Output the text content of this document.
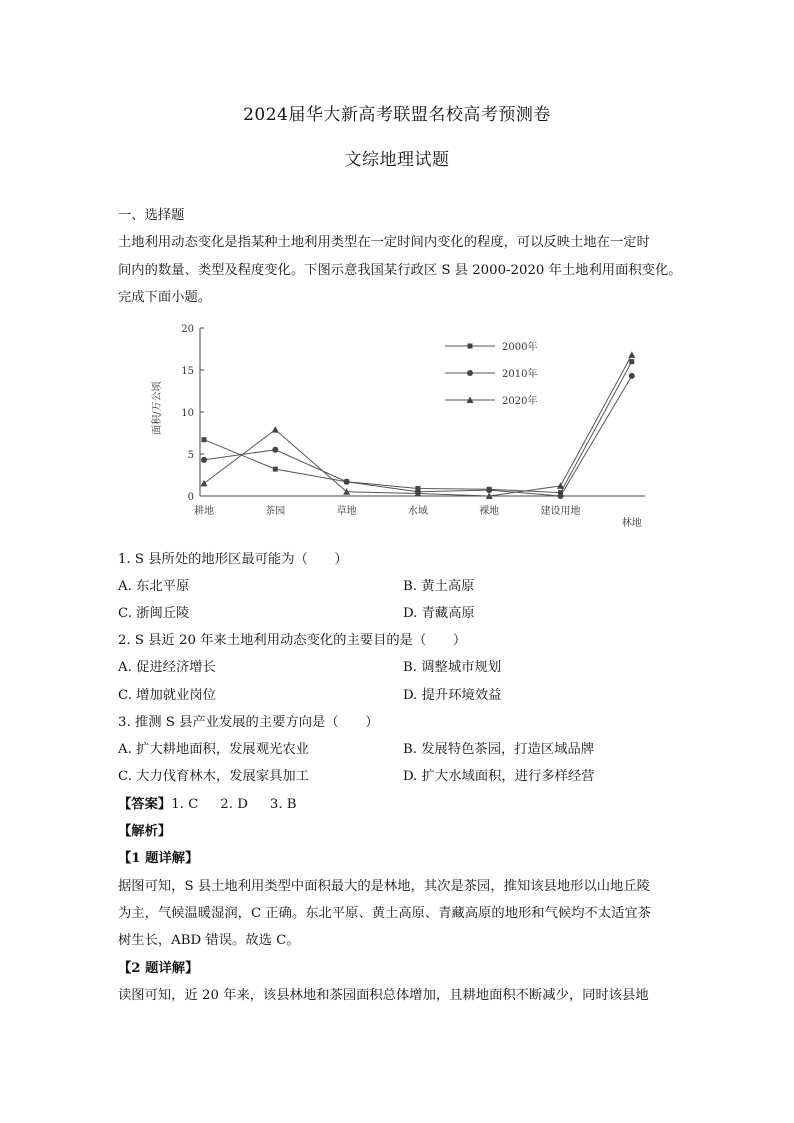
2024届华大新高考联盟名校高考预测卷
文综地理试题
一、选择题
土地利用动态变化是指某种土地利用类型在一定时间内变化的程度，可以反映土地在一定时
间内的数量、类型及程度变化。下图示意我国某行政区 S 县 2000-2020 年土地利用面积变化。
完成下面小题。
面积/万公顷
0
5
10
15
20
耕地	茶园	草地	水域	裸地	建设用地
林地
2000年
2010年
2020年
1. S 县所处的地形区最可能为（　　）
A. 东北平原	B. 黄土高原
C. 浙闽丘陵	D. 青藏高原
2. S 县近 20 年来土地利用动态变化的主要目的是（　　）
A. 促进经济增长	B. 调整城市规划
C. 增加就业岗位	D. 提升环境效益
3. 推测 S 县产业发展的主要方向是（　　）
A. 扩大耕地面积，发展观光农业	B. 发展特色茶园，打造区域品牌
C. 大力伐育林木，发展家具加工	D. 扩大水域面积，进行多样经营
【答案】1. C 2. D 3. B
【解析】
【1 题详解】
据图可知，S 县土地利用类型中面积最大的是林地，其次是茶园，推知该县地形以山地丘陵
为主，气候温暖湿润，C 正确。东北平原、黄土高原、青藏高原的地形和气候均不太适宜茶
树生长，ABD 错误。故选 C。
【2 题详解】
读图可知，近 20 年来，该县林地和茶园面积总体增加，且耕地面积不断减少，同时该县地
